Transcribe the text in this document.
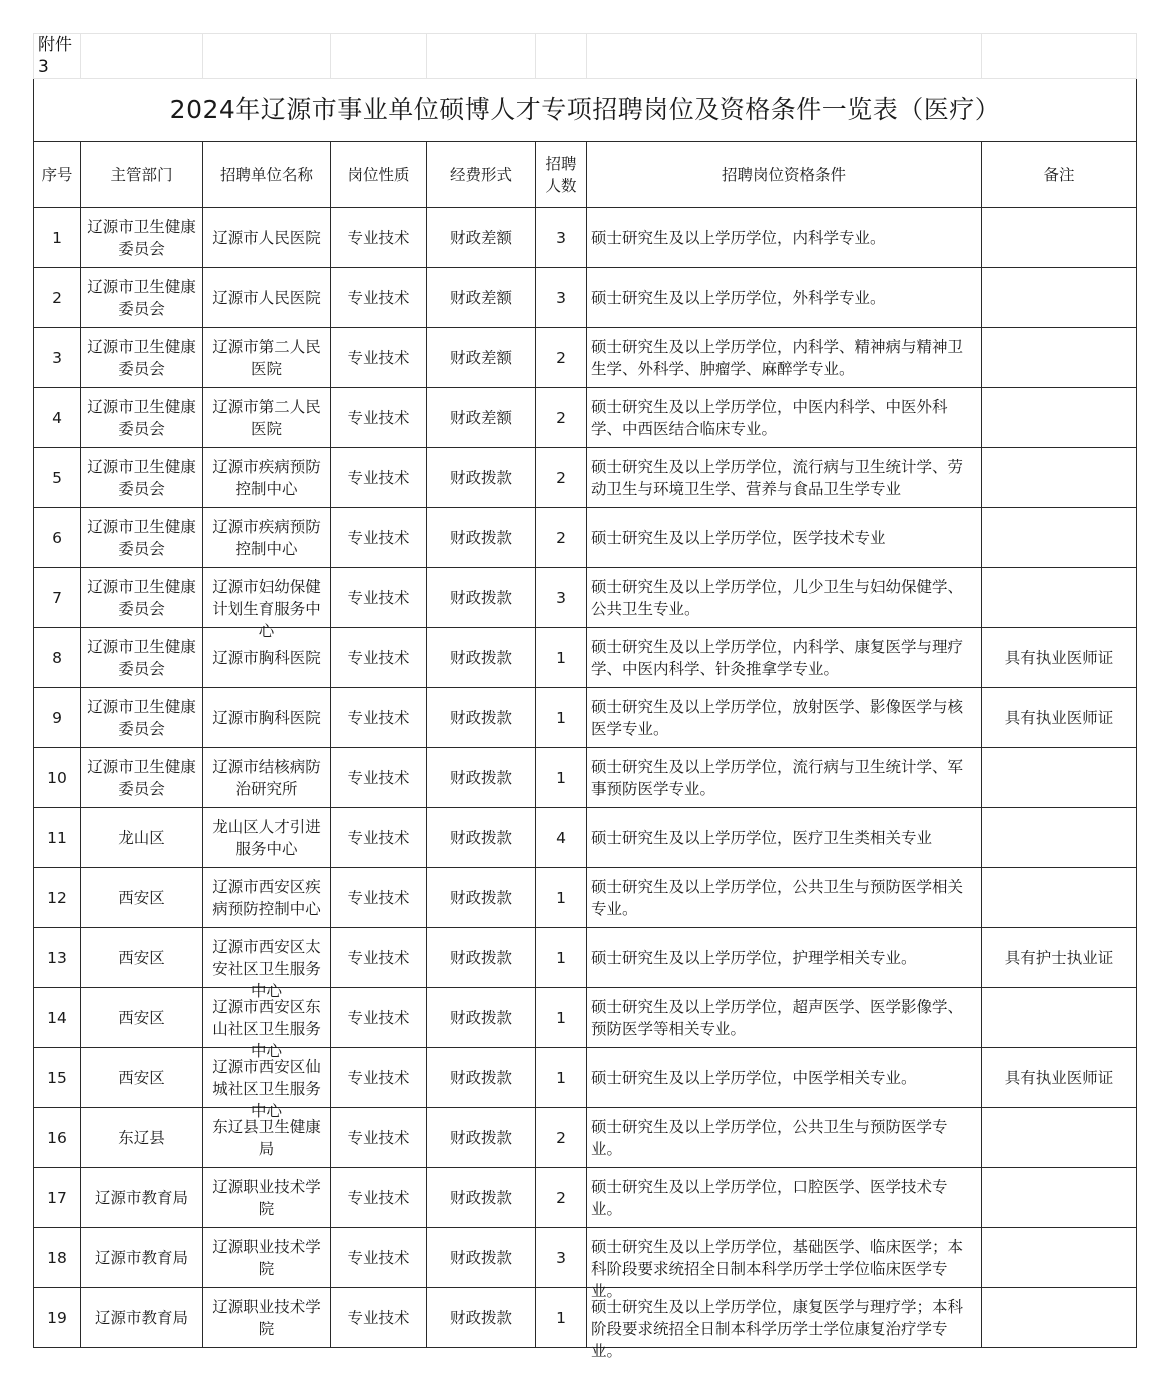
附件3							
2024年辽源市事业单位硕博人才专项招聘岗位及资格条件一览表（医疗）							
序号	主管部门	招聘单位名称	岗位性质	经费形式	招聘人数	招聘岗位资格条件	备注

1	辽源市卫生健康委员会	辽源市人民医院	专业技术	财政差额	3	硕士研究生及以上学历学位，内科学专业。	

2	辽源市卫生健康委员会	辽源市人民医院	专业技术	财政差额	3	硕士研究生及以上学历学位，外科学专业。	

3	辽源市卫生健康委员会	辽源市第二人民医院	专业技术	财政差额	2	硕士研究生及以上学历学位，内科学、精神病与精神卫生学、外科学、肿瘤学、麻醉学专业。	

4	辽源市卫生健康委员会	辽源市第二人民医院	专业技术	财政差额	2	硕士研究生及以上学历学位，中医内科学、中医外科学、中西医结合临床专业。	

5	辽源市卫生健康委员会	辽源市疾病预防控制中心	专业技术	财政拨款	2	硕士研究生及以上学历学位，流行病与卫生统计学、劳动卫生与环境卫生学、营养与食品卫生学专业	

6	辽源市卫生健康委员会	辽源市疾病预防控制中心	专业技术	财政拨款	2	硕士研究生及以上学历学位，医学技术专业	

7	辽源市卫生健康委员会	辽源市妇幼保健计划生育服务中心	专业技术	财政拨款	3	硕士研究生及以上学历学位，儿少卫生与妇幼保健学、公共卫生专业。	

8	辽源市卫生健康委员会	辽源市胸科医院	专业技术	财政拨款	1	硕士研究生及以上学历学位，内科学、康复医学与理疗学、中医内科学、针灸推拿学专业。	具有执业医师证

9	辽源市卫生健康委员会	辽源市胸科医院	专业技术	财政拨款	1	硕士研究生及以上学历学位，放射医学、影像医学与核医学专业。	具有执业医师证

10	辽源市卫生健康委员会	辽源市结核病防治研究所	专业技术	财政拨款	1	硕士研究生及以上学历学位，流行病与卫生统计学、军事预防医学专业。	

11	龙山区	龙山区人才引进服务中心	专业技术	财政拨款	4	硕士研究生及以上学历学位，医疗卫生类相关专业	

12	西安区	辽源市西安区疾病预防控制中心	专业技术	财政拨款	1	硕士研究生及以上学历学位，公共卫生与预防医学相关专业。	

13	西安区	辽源市西安区太安社区卫生服务中心	专业技术	财政拨款	1	硕士研究生及以上学历学位，护理学相关专业。	具有护士执业证

14	西安区	辽源市西安区东山社区卫生服务中心	专业技术	财政拨款	1	硕士研究生及以上学历学位，超声医学、医学影像学、预防医学等相关专业。	

15	西安区	辽源市西安区仙城社区卫生服务中心	专业技术	财政拨款	1	硕士研究生及以上学历学位，中医学相关专业。	具有执业医师证

16	东辽县	东辽县卫生健康局	专业技术	财政拨款	2	硕士研究生及以上学历学位，公共卫生与预防医学专业。	

17	辽源市教育局	辽源职业技术学院	专业技术	财政拨款	2	硕士研究生及以上学历学位，口腔医学、医学技术专业。	

18	辽源市教育局	辽源职业技术学院	专业技术	财政拨款	3	硕士研究生及以上学历学位，基础医学、临床医学；本科阶段要求统招全日制本科学历学士学位临床医学专业。	

19	辽源市教育局	辽源职业技术学院	专业技术	财政拨款	1	硕士研究生及以上学历学位，康复医学与理疗学；本科阶段要求统招全日制本科学历学士学位康复治疗学专业。	
